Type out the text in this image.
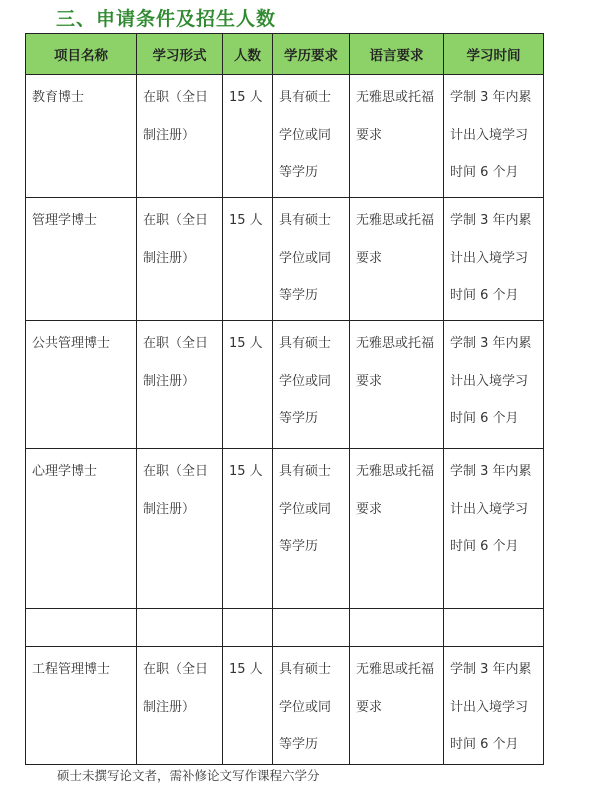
三、申请条件及招生人数
项目名称	学习形式	人数	学历要求	语言要求	学习时间

教育博士	在职（全日制注册）	15 人	具有硕士学位或同等学历	无雅思或托福要求	学制 3 年内累计出入境学习时间 6 个月

管理学博士	在职（全日制注册）	15 人	具有硕士学位或同等学历	无雅思或托福要求	学制 3 年内累计出入境学习时间 6 个月

公共管理博士	在职（全日制注册）	15 人	具有硕士学位或同等学历	无雅思或托福要求	学制 3 年内累计出入境学习时间 6 个月

心理学博士	在职（全日制注册）	15 人	具有硕士学位或同等学历	无雅思或托福要求	学制 3 年内累计出入境学习时间 6 个月

工程管理博士	在职（全日制注册）	15 人	具有硕士学位或同等学历	无雅思或托福要求	学制 3 年内累计出入境学习时间 6 个月

硕士未撰写论文者，需补修论文写作课程六学分
